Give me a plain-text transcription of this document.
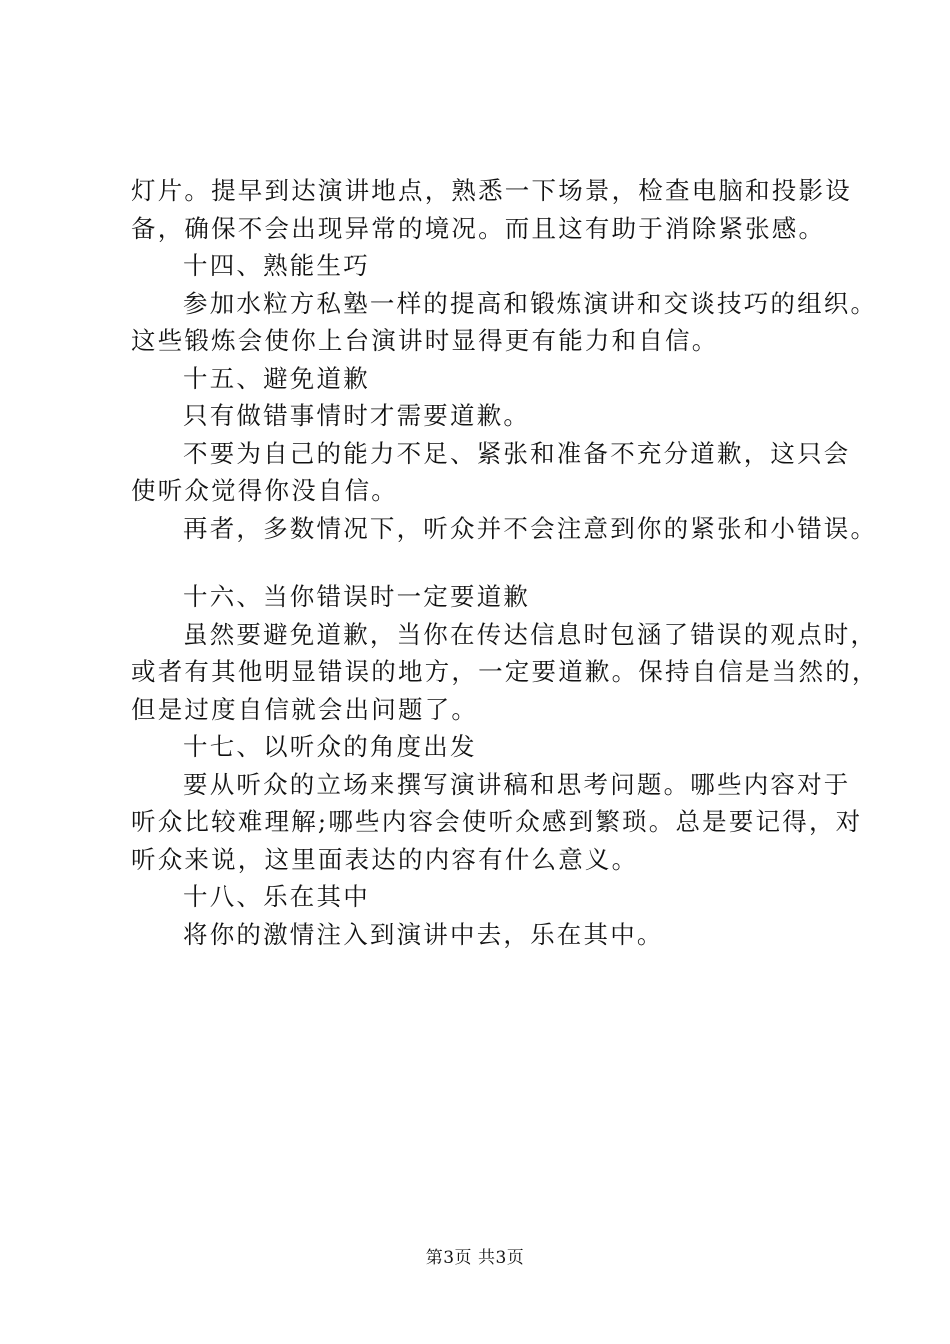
灯片。提早到达演讲地点，熟悉一下场景，检查电脑和投影设
备，确保不会出现异常的境况。而且这有助于消除紧张感。
十四、熟能生巧
参加水粒方私塾一样的提高和锻炼演讲和交谈技巧的组织。
这些锻炼会使你上台演讲时显得更有能力和自信。
十五、避免道歉
只有做错事情时才需要道歉。
不要为自己的能力不足、紧张和准备不充分道歉，这只会
使听众觉得你没自信。
再者，多数情况下，听众并不会注意到你的紧张和小错误。
十六、当你错误时一定要道歉
虽然要避免道歉，当你在传达信息时包涵了错误的观点时，
或者有其他明显错误的地方，一定要道歉。保持自信是当然的，
但是过度自信就会出问题了。
十七、以听众的角度出发
要从听众的立场来撰写演讲稿和思考问题。哪些内容对于
听众比较难理解;哪些内容会使听众感到繁琐。总是要记得，对
听众来说，这里面表达的内容有什么意义。
十八、乐在其中
将你的激情注入到演讲中去，乐在其中。
第3页 共3页
